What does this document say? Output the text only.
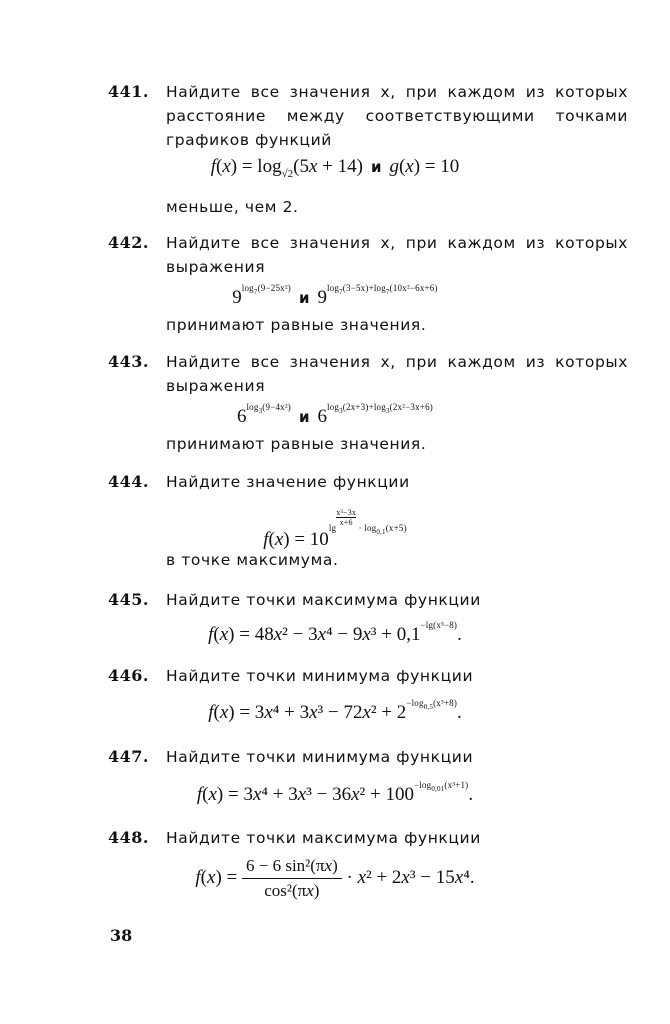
441. Найдите все значения x, при каждом из которых расстояние между соответствующими точками графиков функций
$f(x) = \log_{√2}(5x + 14)$ и g(x) = 10
меньше, чем 2.
442. Найдите все значения x, при каждом из которых выражения
$9^{log_7(9-25x^2)}и$ $9^{log_7(3-5x)+log_7(10x^2-6x+6)}$
принимают равные значения.
443. Найдите все значения x, при каждом из которых выражения
$6^{log_3(9-4x^2)}и$ $6^{log_3(2x+3)+log_3(2x^2-3x+6)}$
принимают равные значения.
444. Найдите значение функции
$f(x) = 10^{lg \frac{\text{x³−3x}}{x+6} \cdot log_{0,1}(x+5)}$
в точке максимума.
445. Найдите точки максимума функции
$f(x) = 48x^2 - 3x^4 - 9x^3 + 0,1^{-lg(x^3-8)}$.
446. Найдите точки минимума функции
$f(x) = 3x^4 + 3x^3 - 72x^2 + 2^{-log_{0,5}(x^3+8)}$.
447. Найдите точки минимума функции
$f(x) = 3x^4 + 3x^3 - 36x^2 + 100^{-log_{0,01}(x^3+1)}$.
448. Найдите точки максимума функции
$f(x) = \frac{\text{6 − 6 sin²(πx)}}{\text{cos²(πx)}} \cdot x^2 + 2x^3 - 15x^4$.
38
